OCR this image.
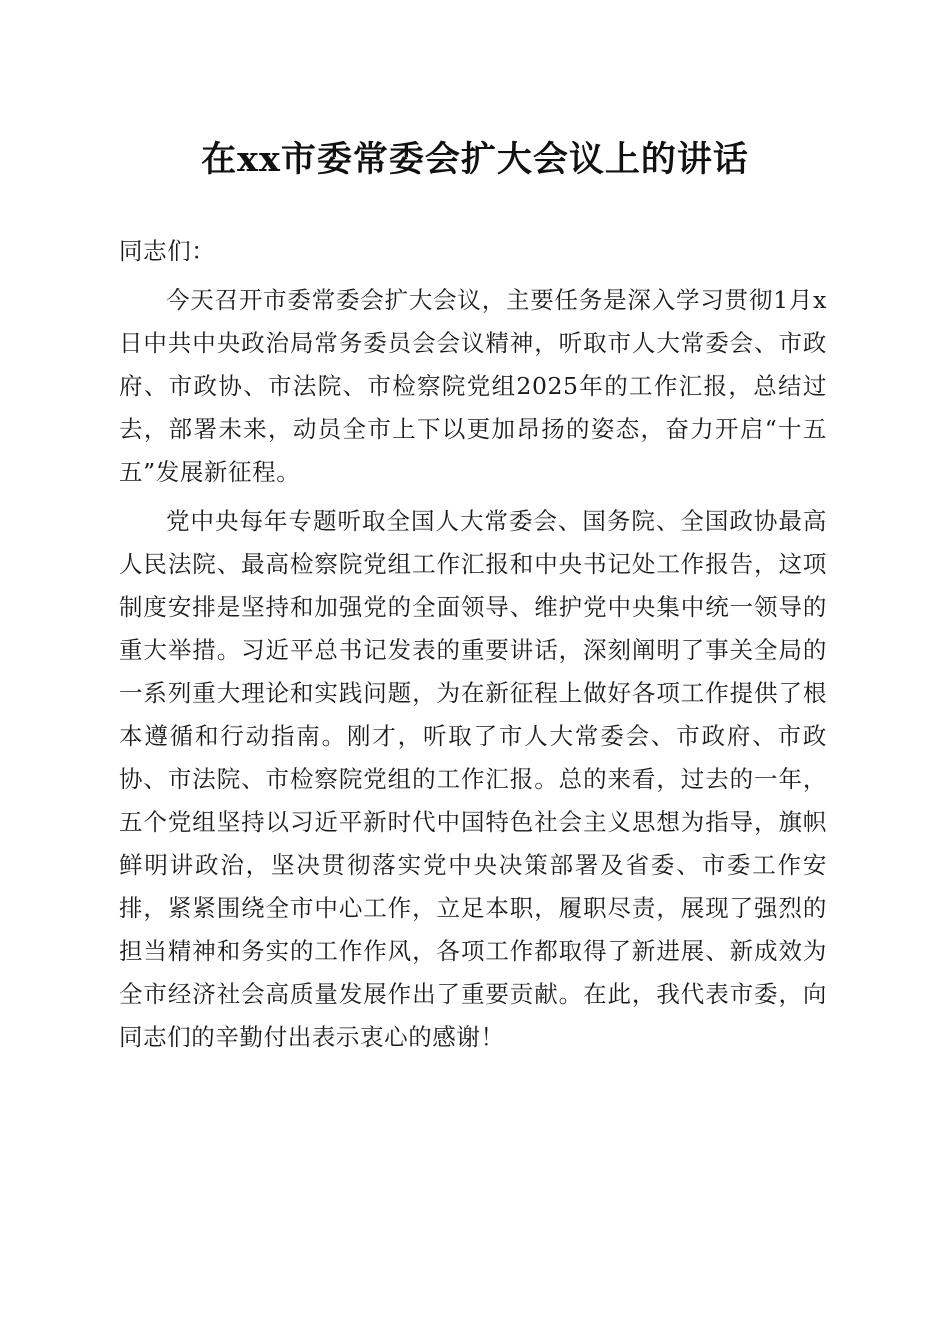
在xx市委常委会扩大会议上的讲话

同志们：

今天召开市委常委会扩大会议，主要任务是深入学习贯彻1月x日中共中央政治局常务委员会会议精神，听取市人大常委会、市政府、市政协、市法院、市检察院党组2025年的工作汇报，总结过去，部署未来，动员全市上下以更加昂扬的姿态，奋力开启“十五五”发展新征程。

党中央每年专题听取全国人大常委会、国务院、全国政协最高人民法院、最高检察院党组工作汇报和中央书记处工作报告，这项制度安排是坚持和加强党的全面领导、维护党中央集中统一领导的重大举措。习近平总书记发表的重要讲话，深刻阐明了事关全局的一系列重大理论和实践问题，为在新征程上做好各项工作提供了根本遵循和行动指南。刚才，听取了市人大常委会、市政府、市政协、市法院、市检察院党组的工作汇报。总的来看，过去的一年，五个党组坚持以习近平新时代中国特色社会主义思想为指导，旗帜鲜明讲政治，坚决贯彻落实党中央决策部署及省委、市委工作安排，紧紧围绕全市中心工作，立足本职，履职尽责，展现了强烈的担当精神和务实的工作作风，各项工作都取得了新进展、新成效为全市经济社会高质量发展作出了重要贡献。在此，我代表市委，向同志们的辛勤付出表示衷心的感谢！
